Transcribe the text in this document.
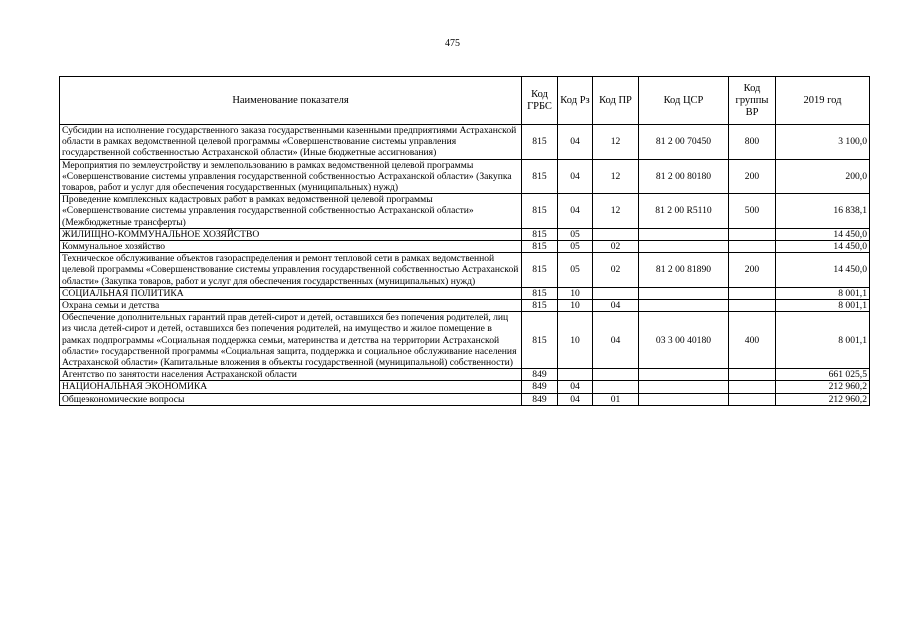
475
Наименование показателя	Код ГРБС	Код Рз	Код ПР	Код ЦСР	Код группы ВР	2019 год
Субсидии на исполнение государственного заказа государственными казенными предприятиями Астраханской области в рамках ведомственной целевой программы «Совершенствование системы управления государственной собственностью Астраханской области» (Иные бюджетные ассигнования)	815	04	12	81 2 00 70450	800	3 100,0
Мероприятия по землеустройству и землепользованию в рамках ведомственной целевой программы «Совершенствование системы управления государственной собственностью Астраханской области» (Закупка товаров, работ и услуг для обеспечения государственных (муниципальных) нужд)	815	04	12	81 2 00 80180	200	200,0
Проведение комплексных кадастровых работ в рамках ведомственной целевой программы «Совершенствование системы управления государственной собственностью Астраханской области» (Межбюджетные трансферты)	815	04	12	81 2 00 R5110	500	16 838,1
ЖИЛИЩНО-КОММУНАЛЬНОЕ ХОЗЯЙСТВО	815	05				14 450,0
Коммунальное хозяйство	815	05	02			14 450,0
Техническое обслуживание объектов газораспределения и ремонт тепловой сети в рамках ведомственной целевой программы «Совершенствование системы управления государственной собственностью Астраханской области» (Закупка товаров, работ и услуг для обеспечения государственных (муниципальных) нужд)	815	05	02	81 2 00 81890	200	14 450,0
СОЦИАЛЬНАЯ ПОЛИТИКА	815	10				8 001,1
Охрана семьи и детства	815	10	04			8 001,1
Обеспечение дополнительных гарантий прав детей-сирот и детей, оставшихся без попечения родителей, лиц из числа детей-сирот и детей, оставшихся без попечения родителей, на имущество и жилое помещение в рамках подпрограммы «Социальная поддержка семьи, материнства и детства на территории Астраханской области» государственной программы «Социальная защита, поддержка и социальное обслуживание населения Астраханской области» (Капитальные вложения в объекты государственной (муниципальной) собственности)	815	10	04	03 3 00 40180	400	8 001,1
Агентство по занятости населения Астраханской области	849					661 025,5
НАЦИОНАЛЬНАЯ ЭКОНОМИКА	849	04				212 960,2
Общеэкономические вопросы	849	04	01			212 960,2
